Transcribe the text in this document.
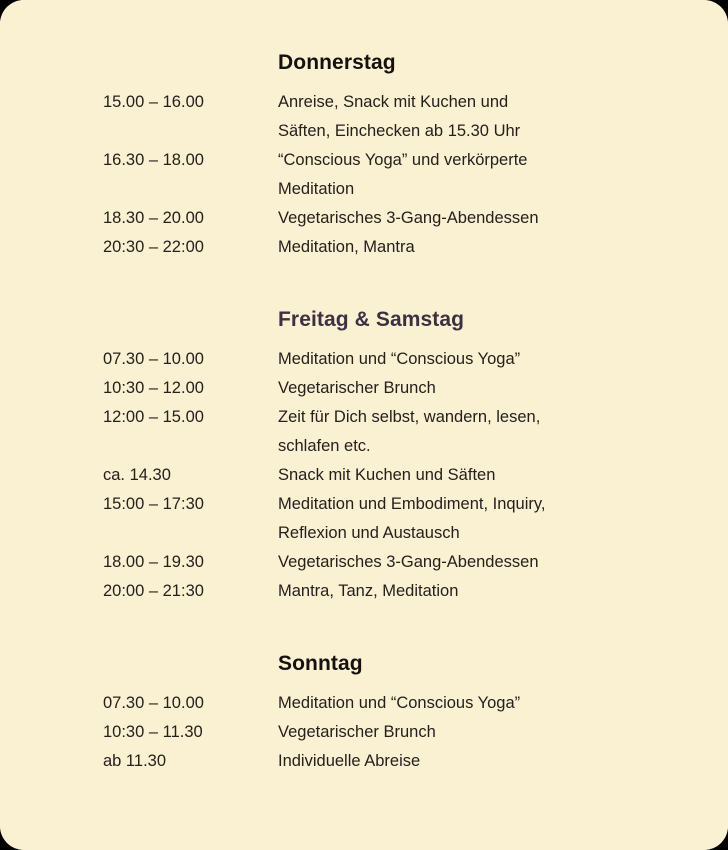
Donnerstag
15.00 – 16.00	Anreise, Snack mit Kuchen und
Säften, Einchecken ab 15.30 Uhr
16.30 – 18.00	“Conscious Yoga” und verkörperte
Meditation
18.30 – 20.00	Vegetarisches 3-Gang-Abendessen
20:30 – 22:00	Meditation, Mantra
Freitag & Samstag
07.30 – 10.00	Meditation und “Conscious Yoga”
10:30 – 12.00	Vegetarischer Brunch
12:00 – 15.00	Zeit für Dich selbst, wandern, lesen,
schlafen etc.
ca. 14.30	Snack mit Kuchen und Säften
15:00 – 17:30	Meditation und Embodiment, Inquiry,
Reflexion und Austausch
18.00 – 19.30	Vegetarisches 3-Gang-Abendessen
20:00 – 21:30	Mantra, Tanz, Meditation
Sonntag
07.30 – 10.00	Meditation und “Conscious Yoga”
10:30 – 11.30	Vegetarischer Brunch
ab 11.30	Individuelle Abreise
